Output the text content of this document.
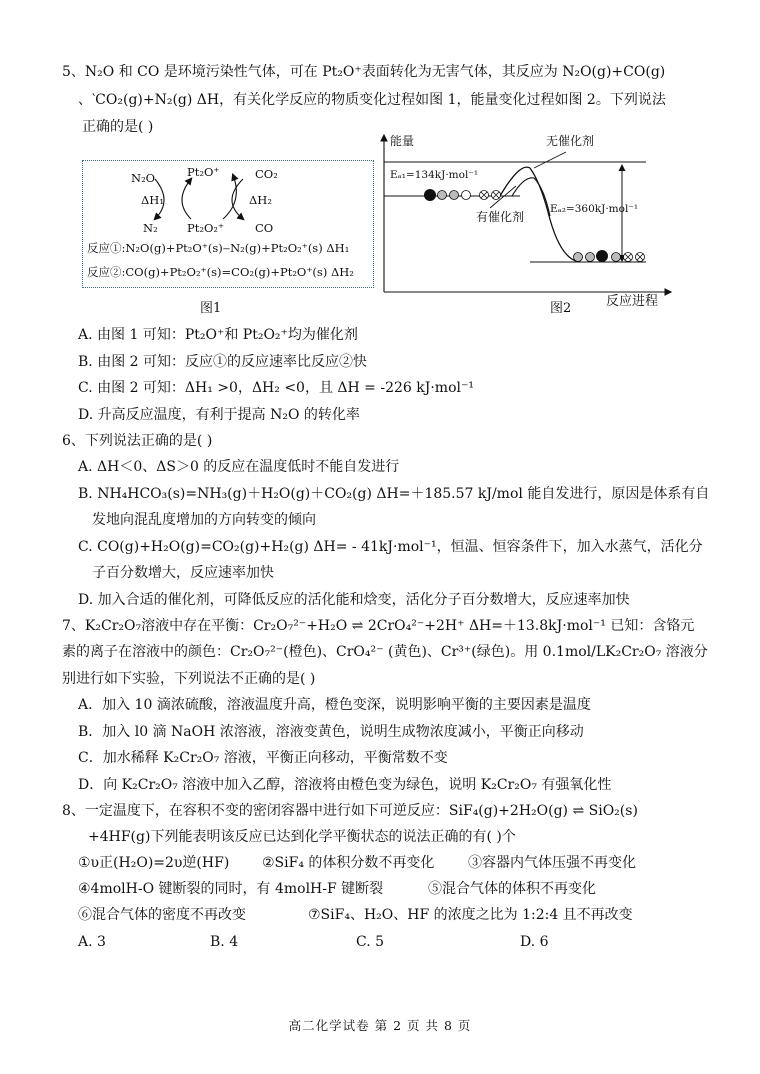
5、N₂O 和 CO 是环境污染性气体，可在 Pt₂O⁺表面转化为无害气体，其反应为 N₂O(g)+CO(g)
、‵CO₂(g)+N₂(g) ΔH，有关化学反应的物质变化过程如图 1，能量变化过程如图 2。下列说法
正确的是( )
N₂O	Pt₂O⁺	CO₂
ΔH₁	ΔH₂
N₂	Pt₂O₂⁺	CO
反应①:N₂O(g)+Pt₂O⁺(s)‒N₂(g)+Pt₂O₂⁺(s) ΔH₁
反应②:CO(g)+Pt₂O₂⁺(s)=CO₂(g)+Pt₂O⁺(s) ΔH₂
图1
能量	无催化剂
Eₐ₁=134kJ·mol⁻¹
有催化剂
Eₐ₂=360kJ·mol⁻¹
图2	反应进程
A. 由图 1 可知：Pt₂O⁺和 Pt₂O₂⁺均为催化剂
B. 由图 2 可知：反应①的反应速率比反应②快
C. 由图 2 可知：ΔH₁ >0，ΔH₂ <0，且 ΔH = -226 kJ·mol⁻¹
D. 升高反应温度，有利于提高 N₂O 的转化率
6、下列说法正确的是( )
A. ΔH＜0、ΔS＞0 的反应在温度低时不能自发进行
B. NH₄HCO₃(s)=NH₃(g)＋H₂O(g)＋CO₂(g) ΔH=＋185.57 kJ/mol 能自发进行，原因是体系有自
发地向混乱度增加的方向转变的倾向
C. CO(g)+H₂O(g)=CO₂(g)+H₂(g) ΔH= - 41kJ·mol⁻¹，恒温、恒容条件下，加入水蒸气，活化分
子百分数增大，反应速率加快
D. 加入合适的催化剂，可降低反应的活化能和焓变，活化分子百分数增大，反应速率加快
7、K₂Cr₂O₇溶液中存在平衡：Cr₂O₇²⁻+H₂O ⇌ 2CrO₄²⁻+2H⁺ ΔH=＋13.8kJ·mol⁻¹ 已知：含铬元
素的离子在溶液中的颜色：Cr₂O₇²⁻(橙色)、CrO₄²⁻ (黄色)、Cr³⁺(绿色)。用 0.1mol/LK₂Cr₂O₇ 溶液分
别进行如下实验，下列说法不正确的是( )
A．加入 10 滴浓硫酸，溶液温度升高，橙色变深，说明影响平衡的主要因素是温度
B．加入 l0 滴 NaOH 浓溶液，溶液变黄色，说明生成物浓度减小，平衡正向移动
C．加水稀释 K₂Cr₂O₇ 溶液，平衡正向移动，平衡常数不变
D．向 K₂Cr₂O₇ 溶液中加入乙醇，溶液将由橙色变为绿色，说明 K₂Cr₂O₇ 有强氧化性
8、一定温度下，在容积不变的密闭容器中进行如下可逆反应：SiF₄(g)+2H₂O(g) ⇌ SiO₂(s)
+4HF(g)下列能表明该反应已达到化学平衡状态的说法正确的有( )个
①υ正(H₂O)=2υ逆(HF) ②SiF₄ 的体积分数不再变化 ③容器内气体压强不再变化
④4molH-O 键断裂的同时，有 4molH-F 键断裂	⑤混合气体的体积不再变化
⑥混合气体的密度不再改变	⑦SiF₄、H₂O、HF 的浓度之比为 1:2:4 且不再改变
A. 3	B. 4	C. 5	D. 6
高二化学试卷 第 2 页 共 8 页
